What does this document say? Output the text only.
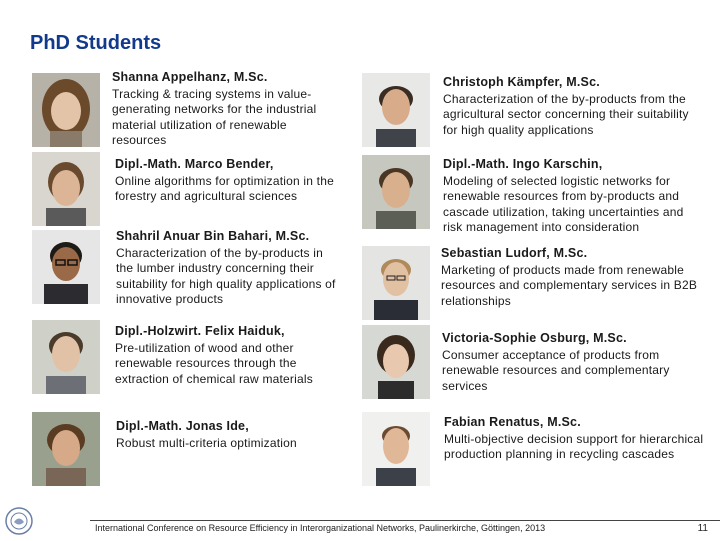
PhD Students
Shanna Appelhanz, M.Sc.
Tracking & tracing systems in value-generating networks for the industrial material utilization of renewable resources
Dipl.-Math. Marco Bender,
Online algorithms for optimization in the forestry and agricultural sciences
Shahril Anuar Bin Bahari, M.Sc.
Characterization of the by-products in the lumber industry concerning their suitability for high quality applications of innovative products
Dipl.-Holzwirt. Felix Haiduk,
Pre-utilization of wood and other renewable resources through the extraction of chemical raw materials
Dipl.-Math. Jonas Ide,
Robust multi-criteria optimization
Christoph Kämpfer, M.Sc.
Characterization of the by-products from the agricultural sector concerning their suitability for high quality applications
Dipl.-Math. Ingo Karschin,
Modeling of selected logistic networks for renewable resources from by-products and cascade utilization, taking uncertainties and risk management into consideration
Sebastian Ludorf, M.Sc.
Marketing of products made from renewable resources and complementary services in B2B relationships
Victoria-Sophie Osburg, M.Sc.
Consumer acceptance of products from renewable resources and complementary services
Fabian Renatus, M.Sc.
Multi-objective decision support for hierarchical production planning in recycling cascades
International Conference on Resource Efficiency in Interorganizational Networks, Paulinerkirche, Göttingen, 2013	11
